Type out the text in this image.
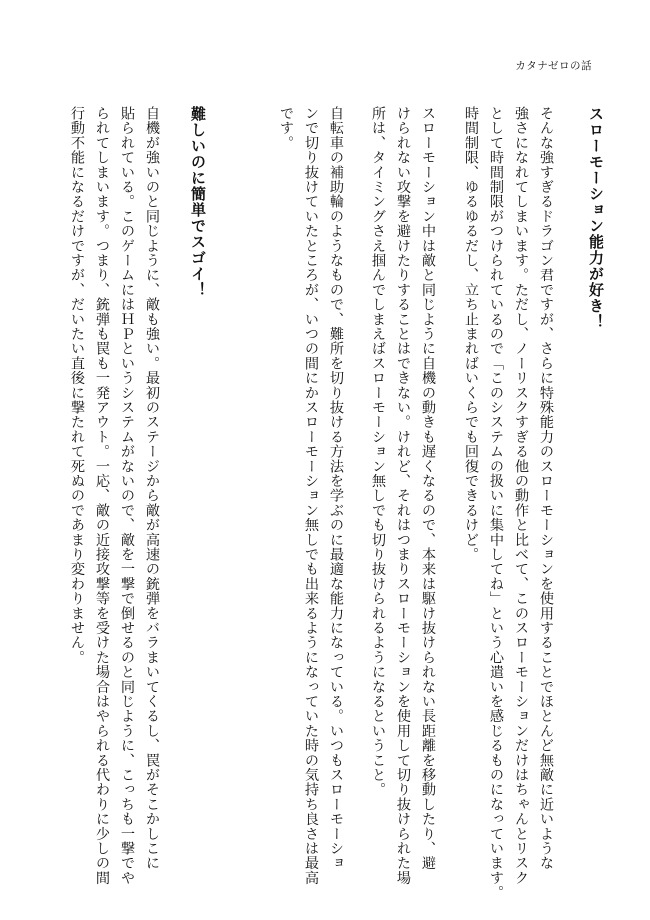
カタナゼロの話
スローモーション能力が好き！
そんな強すぎるドラゴン君ですが、さらに特殊能力のスローモーションを使用することでほとんど無敵に近いような
強さになれてしまいます。ただし、ノーリスクすぎる他の動作と比べて、このスローモーションだけはちゃんとリスク
として時間制限がつけられているので「このシステムの扱いに集中してね」という心遣いを感じるものになっています。
時間制限、ゆるゆるだし、立ち止まればいくらでも回復できるけど。
スローモーション中は敵と同じように自機の動きも遅くなるので、本来は駆け抜けられない長距離を移動したり、避
けられない攻撃を避けたりすることはできない。けれど、それはつまりスローモーションを使用して切り抜けられた場
所は、タイミングさえ掴んでしまえばスローモーション無しでも切り抜けられるようになるということ。
自転車の補助輪のようなもので、難所を切り抜ける方法を学ぶのに最適な能力になっている。いつもスローモーショ
ンで切り抜けていたところが、いつの間にかスローモーション無しでも出来るようになっていた時の気持ち良さは最高
です。
難しいのに簡単でスゴイ！
自機が強いのと同じように、敵も強い。最初のステージから敵が高速の銃弾をバラまいてくるし、罠がそこかしこに
貼られている。このゲームにはＨＰというシステムがないので、敵を一撃で倒せるのと同じように、こっちも一撃でや
られてしまいます。つまり、銃弾も罠も一発アウト。一応、敵の近接攻撃等を受けた場合はやられる代わりに少しの間
行動不能になるだけですが、だいたい直後に撃たれて死ぬのであまり変わりません。
